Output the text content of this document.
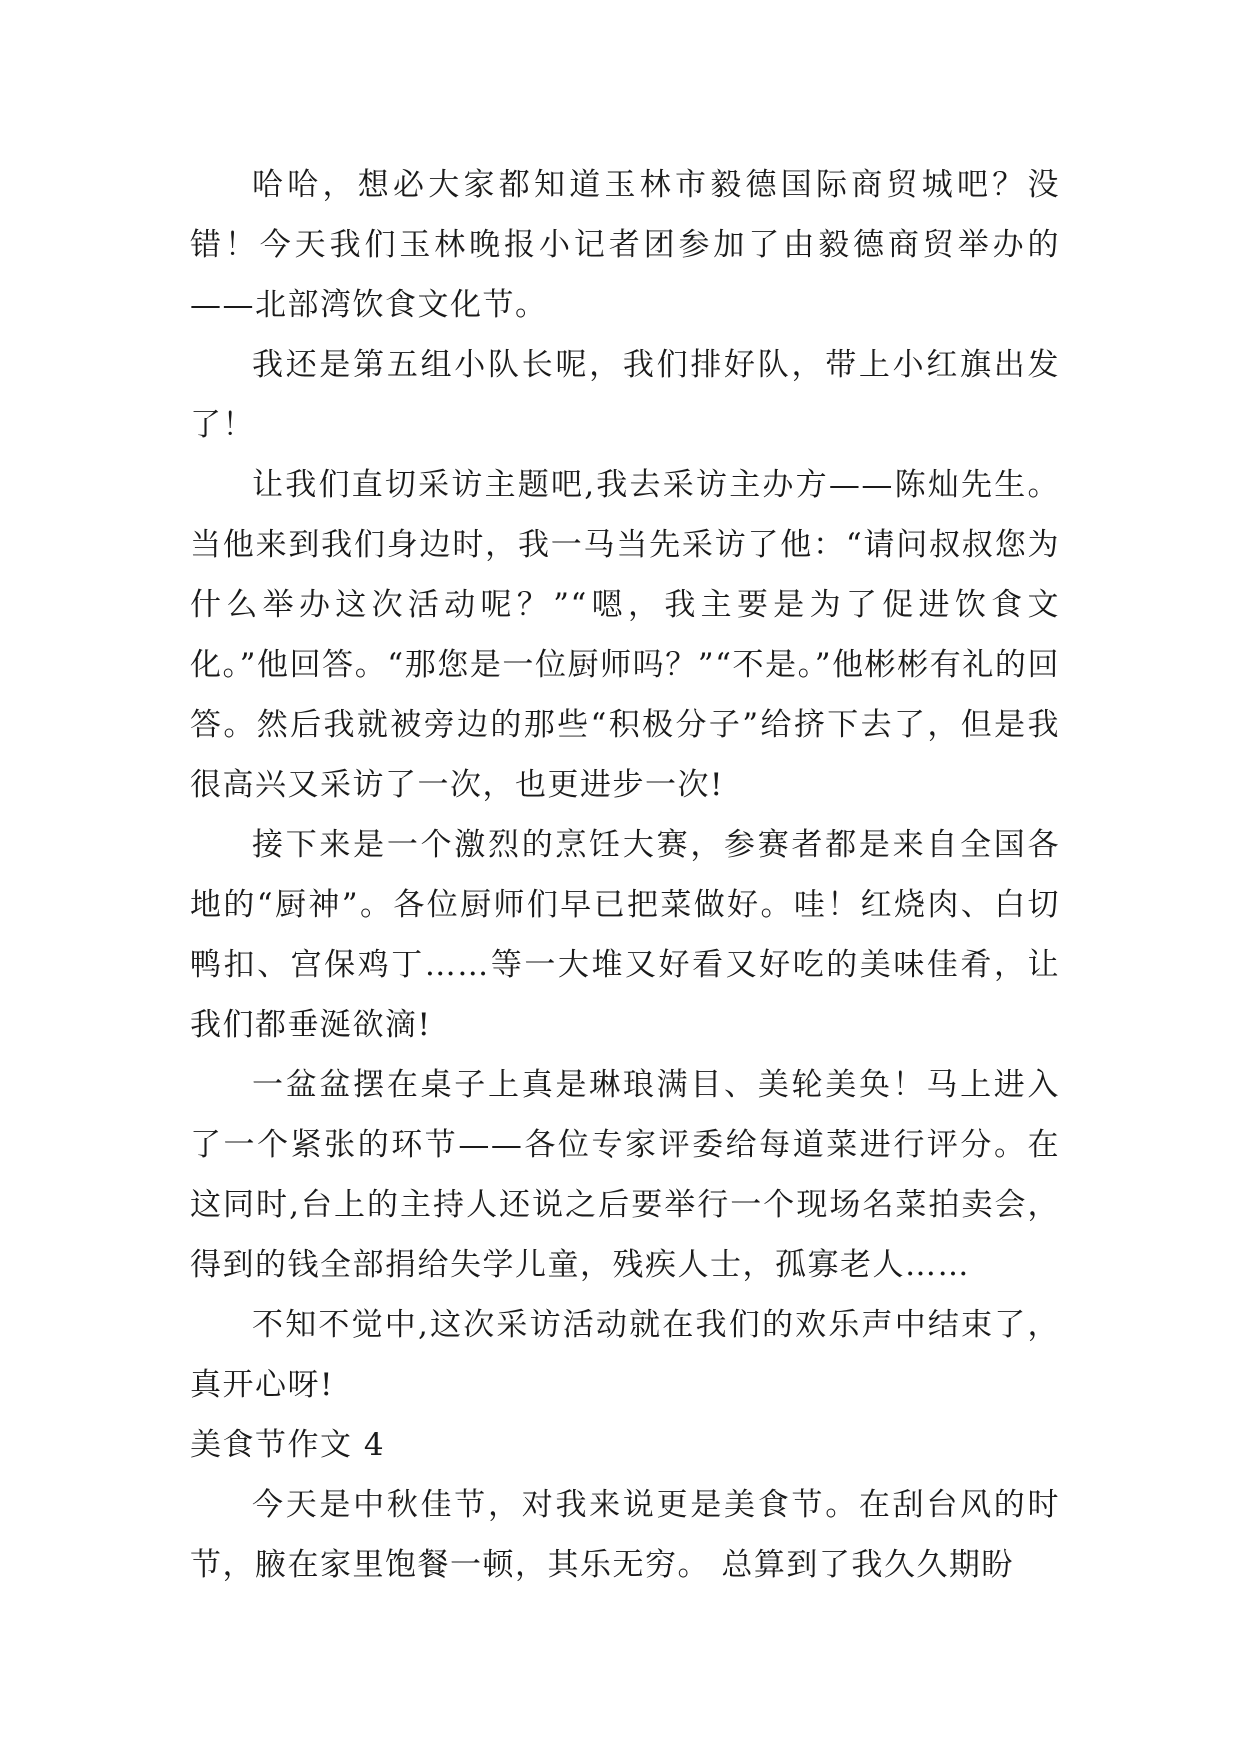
哈哈，想必大家都知道玉林市毅德国际商贸城吧？没错！今天我们玉林晚报小记者团参加了由毅德商贸举办的——北部湾饮食文化节。

我还是第五组小队长呢，我们排好队，带上小红旗出发了！

让我们直切采访主题吧,我去采访主办方——陈灿先生。当他来到我们身边时，我一马当先采访了他：“请问叔叔您为什么举办这次活动呢？”“嗯，我主要是为了促进饮食文化。”他回答。“那您是一位厨师吗？”“不是。”他彬彬有礼的回答。然后我就被旁边的那些“积极分子”给挤下去了，但是我很高兴又采访了一次，也更进步一次!

接下来是一个激烈的烹饪大赛，参赛者都是来自全国各地的“厨神”。各位厨师们早已把菜做好。哇！红烧肉、白切鸭扣、宫保鸡丁……等一大堆又好看又好吃的美味佳肴，让我们都垂涎欲滴!

一盆盆摆在桌子上真是琳琅满目、美轮美奂！马上进入了一个紧张的环节——各位专家评委给每道菜进行评分。在这同时,台上的主持人还说之后要举行一个现场名菜拍卖会，得到的钱全部捐给失学儿童，残疾人士，孤寡老人……

不知不觉中,这次采访活动就在我们的欢乐声中结束了，真开心呀!

美食节作文 4

今天是中秋佳节，对我来说更是美食节。在刮台风的时节，腋在家里饱餐一顿，其乐无穷。 总算到了我久久期盼
